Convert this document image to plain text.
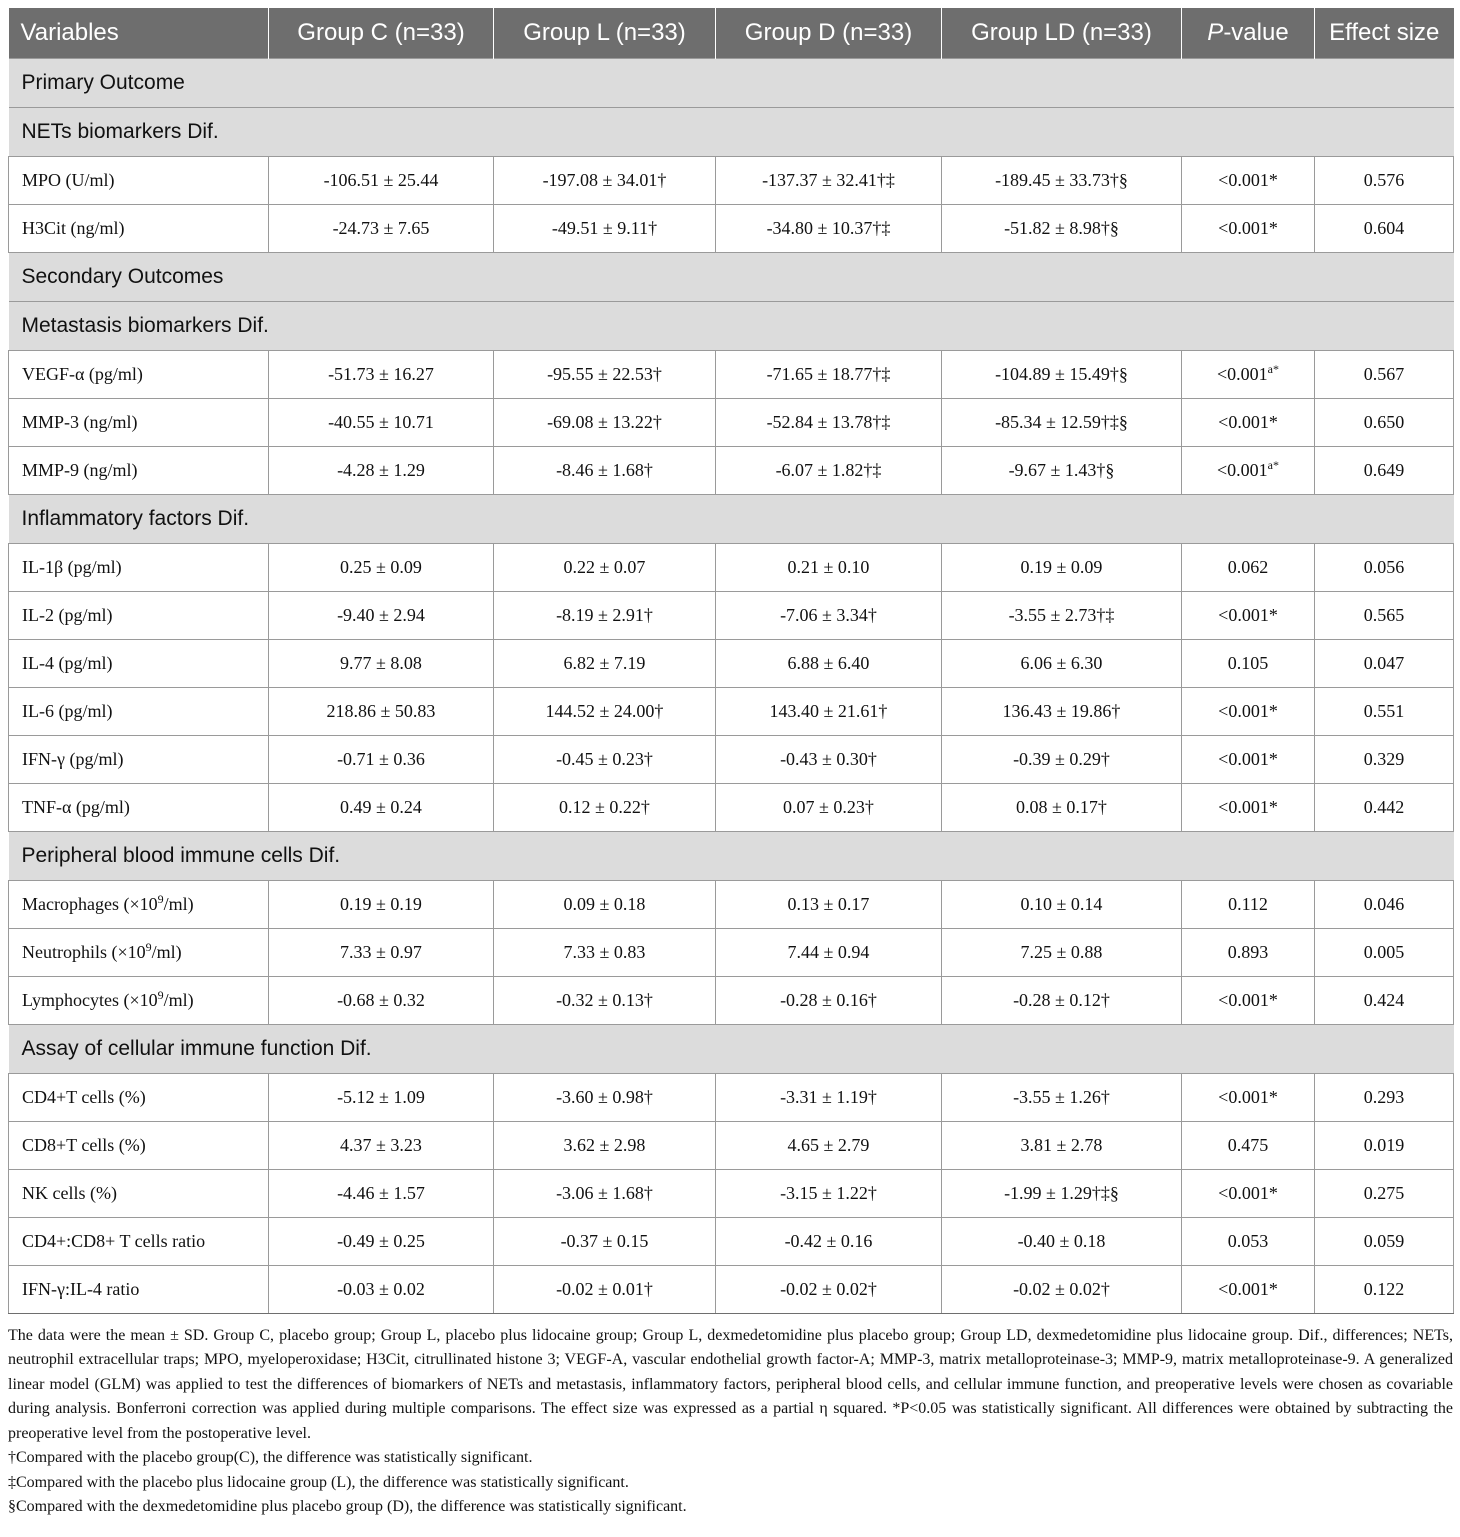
Variables	Group C (n=33)	Group L (n=33)	Group D (n=33)	Group LD (n=33)	P-value	Effect size
Primary Outcome						
NETs biomarkers Dif.						
MPO (U/ml)	-106.51 ± 25.44	-197.08 ± 34.01†	-137.37 ± 32.41†‡	-189.45 ± 33.73†§	<0.001*	0.576
H3Cit (ng/ml)	-24.73 ± 7.65	-49.51 ± 9.11†	-34.80 ± 10.37†‡	-51.82 ± 8.98†§	<0.001*	0.604
Secondary Outcomes						
Metastasis biomarkers Dif.						
VEGF-α (pg/ml)	-51.73 ± 16.27	-95.55 ± 22.53†	-71.65 ± 18.77†‡	-104.89 ± 15.49†§	$<0.001^{a*}$	0.567
MMP-3 (ng/ml)	-40.55 ± 10.71	-69.08 ± 13.22†	-52.84 ± 13.78†‡	-85.34 ± 12.59†‡§	<0.001*	0.650
MMP-9 (ng/ml)	-4.28 ± 1.29	-8.46 ± 1.68†	-6.07 ± 1.82†‡	-9.67 ± 1.43†§	$<0.001^{a*}$	0.649
Inflammatory factors Dif.						
IL-1β (pg/ml)	0.25 ± 0.09	0.22 ± 0.07	0.21 ± 0.10	0.19 ± 0.09	0.062	0.056
IL-2 (pg/ml)	-9.40 ± 2.94	-8.19 ± 2.91†	-7.06 ± 3.34†	-3.55 ± 2.73†‡	<0.001*	0.565
IL-4 (pg/ml)	9.77 ± 8.08	6.82 ± 7.19	6.88 ± 6.40	6.06 ± 6.30	0.105	0.047
IL-6 (pg/ml)	218.86 ± 50.83	144.52 ± 24.00†	143.40 ± 21.61†	136.43 ± 19.86†	<0.001*	0.551
IFN-γ (pg/ml)	-0.71 ± 0.36	-0.45 ± 0.23†	-0.43 ± 0.30†	-0.39 ± 0.29†	<0.001*	0.329
TNF-α (pg/ml)	0.49 ± 0.24	0.12 ± 0.22†	0.07 ± 0.23†	0.08 ± 0.17†	<0.001*	0.442
Peripheral blood immune cells Dif.						
Macrophages $(\times 10^9/ml)$	0.19 ± 0.19	0.09 ± 0.18	0.13 ± 0.17	0.10 ± 0.14	0.112	0.046
Neutrophils $(\times 10^9/ml)$	7.33 ± 0.97	7.33 ± 0.83	7.44 ± 0.94	7.25 ± 0.88	0.893	0.005
Lymphocytes $(\times 10^9/ml)$	-0.68 ± 0.32	-0.32 ± 0.13†	-0.28 ± 0.16†	-0.28 ± 0.12†	<0.001*	0.424
Assay of cellular immune function Dif.						
CD4+T cells (%)	-5.12 ± 1.09	-3.60 ± 0.98†	-3.31 ± 1.19†	-3.55 ± 1.26†	<0.001*	0.293
CD8+T cells (%)	4.37 ± 3.23	3.62 ± 2.98	4.65 ± 2.79	3.81 ± 2.78	0.475	0.019
NK cells (%)	-4.46 ± 1.57	-3.06 ± 1.68†	-3.15 ± 1.22†	-1.99 ± 1.29†‡§	<0.001*	0.275
CD4+:CD8+ T cells ratio	-0.49 ± 0.25	-0.37 ± 0.15	-0.42 ± 0.16	-0.40 ± 0.18	0.053	0.059
IFN-γ:IL-4 ratio	-0.03 ± 0.02	-0.02 ± 0.01†	-0.02 ± 0.02†	-0.02 ± 0.02†	<0.001*	0.122

The data were the mean ± SD. Group C, placebo group; Group L, placebo plus lidocaine group; Group L, dexmedetomidine plus placebo group; Group LD, dexmedetomidine plus lidocaine group. Dif., differences; NETs, neutrophil extracellular traps; MPO, myeloperoxidase; H3Cit, citrullinated histone 3; VEGF-A, vascular endothelial growth factor-A; MMP-3, matrix metalloproteinase-3; MMP-9, matrix metalloproteinase-9. A generalized linear model (GLM) was applied to test the differences of biomarkers of NETs and metastasis, inflammatory factors, peripheral blood cells, and cellular immune function, and preoperative levels were chosen as covariable during analysis. Bonferroni correction was applied during multiple comparisons. The effect size was expressed as a partial η squared. *P<0.05 was statistically significant. All differences were obtained by subtracting the preoperative level from the postoperative level.

†Compared with the placebo group(C), the difference was statistically significant.

‡Compared with the placebo plus lidocaine group (L), the difference was statistically significant.

§Compared with the dexmedetomidine plus placebo group (D), the difference was statistically significant.
